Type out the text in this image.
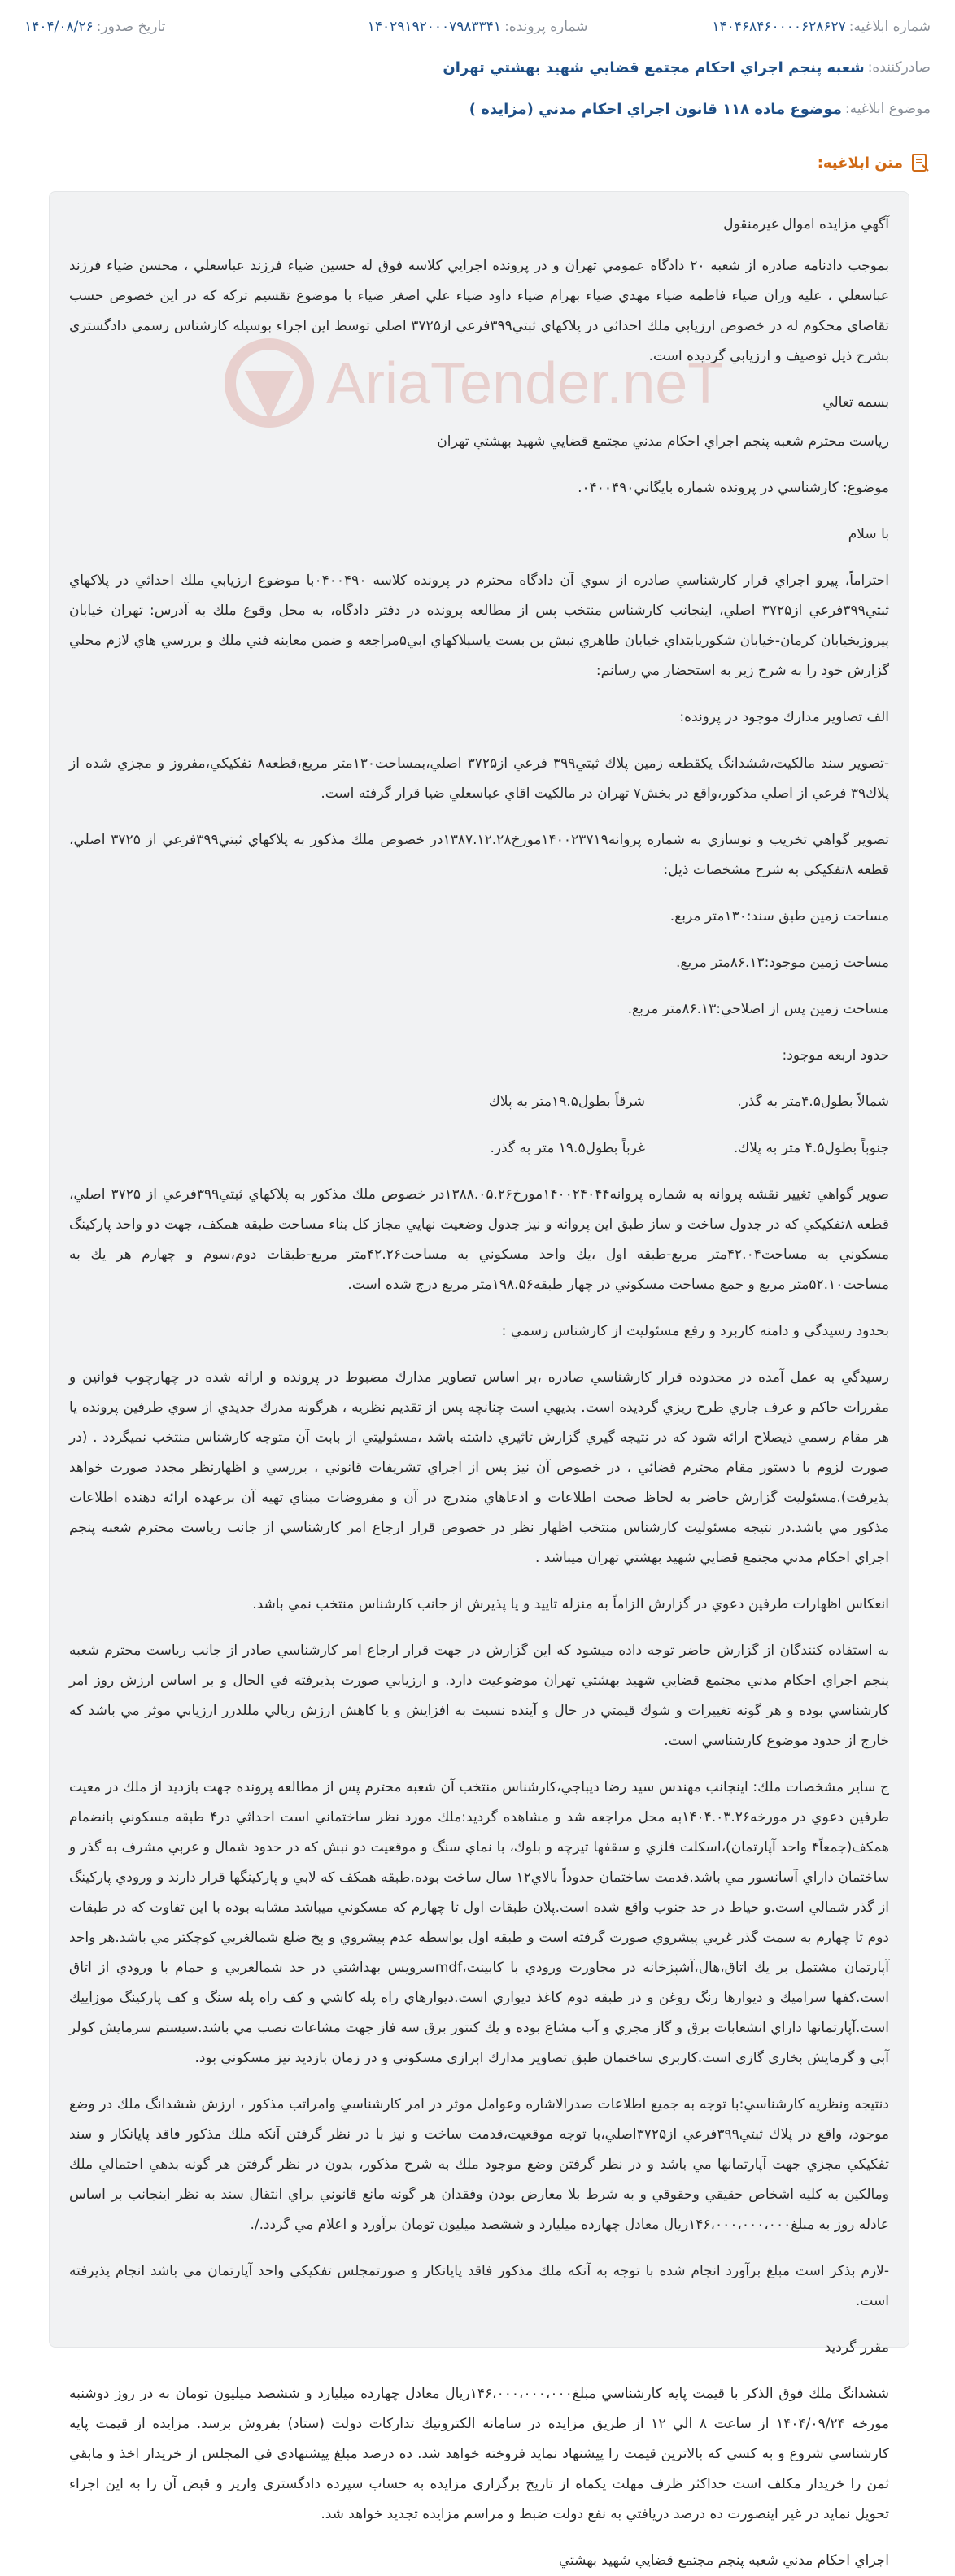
شماره ابلاغيه:
۱۴۰۴۶۸۴۶۰۰۰۰۶۲۸۶۲۷
شماره پرونده:
۱۴۰۲۹۱۹۲۰۰۰۷۹۸۳۳۴۱
تاريخ صدور:
۱۴۰۴/۰۸/۲۶
صادرکننده:
شعبه پنجم اجراي احكام مجتمع قضايي شهيد بهشتي تهران
موضوع ابلاغيه:
موضوع ماده ۱۱۸ قانون اجراي احكام مدني (مزايده )
متن ابلاغيه:
AriaTender.neT

آگهي مزايده اموال غيرمنقول

بموجب دادنامه صادره از شعبه ۲۰ دادگاه عمومي تهران و در پرونده اجرايي كلاسه فوق له حسين ضياء فرزند عباسعلي ، محسن ضياء فرزند عباسعلي ، عليه وران ضياء فاطمه ضياء مهدي ضياء بهرام ضياء داود ضياء علي اصغر ضياء با موضوع تقسيم تركه كه در اين خصوص حسب تقاضاي محكوم له در خصوص ارزيابي ملك احداثي در پلاكهاي ثبتي۳۹۹فرعي از۳۷۲۵ اصلي توسط اين اجراء بوسيله كارشناس رسمي دادگستري بشرح ذيل توصيف و ارزيابي گرديده است.

بسمه تعالي

رياست محترم شعبه پنجم اجراي احكام مدني مجتمع قضايي شهيد بهشتي تهران

موضوع: كارشناسي در پرونده شماره بايگاني۰۴۰۰۴۹۰.

با سلام

احتراماً، پيرو اجراي قرار كارشناسي صادره از سوي آن دادگاه محترم در پرونده كلاسه ۰۴۰۰۴۹۰با موضوع ارزيابي ملك احداثي در پلاكهاي ثبتي۳۹۹فرعي از۳۷۲۵ اصلي، اينجانب كارشناس منتخب پس از مطالعه پرونده در دفتر دادگاه، به محل وقوع ملك به آدرس: تهران خيابان پيروزيخيابان كرمان-خيابان شكوريابتداي خيابان طاهري نبش بن بست ياسپلاكهاي ابي۵مراجعه و ضمن معاينه فني ملك و بررسي هاي لازم محلي گزارش خود را به شرح زير به استحضار مي رسانم:

الف تصاوير مدارك موجود در پرونده:

-تصوير سند مالكيت،ششدانگ يكقطعه زمين پلاك ثبتي۳۹۹ فرعي از۳۷۲۵ اصلي،بمساحت۱۳۰متر مربع،قطعه۸ تفكيكي،مفروز و مجزي شده از پلاك۳۹ فرعي از اصلي مذكور،واقع در بخش۷ تهران در مالكيت اقاي عباسعلي ضيا قرار گرفته است.

تصوير گواهي تخريب و نوسازي به شماره پروانه۱۴۰۰۲۳۷۱۹مورخ۱۳۸۷.۱۲.۲۸در خصوص ملك مذكور به پلاكهاي ثبتي۳۹۹فرعي از ۳۷۲۵ اصلي، قطعه ۸تفكيكي به شرح مشخصات ذيل:

مساحت زمين طبق سند:۱۳۰متر مربع.

مساحت زمين موجود:۸۶.۱۳متر مربع.

مساحت زمين پس از اصلاحي:۸۶.۱۳متر مربع.

حدود اربعه موجود:

شمالاً بطول۴.۵متر به گذر.
شرقاً بطول۱۹.۵متر به پلاك

جنوباً بطول۴.۵ متر به پلاك.
غرباً بطول۱۹.۵ متر به گذر.

صوير گواهي تغيير نقشه پروانه به شماره پروانه۱۴۰۰۲۴۰۴۴مورخ۱۳۸۸.۰۵.۲۶در خصوص ملك مذكور به پلاكهاي ثبتي۳۹۹فرعي از ۳۷۲۵ اصلي، قطعه ۸تفكيكي كه در جدول ساخت و ساز طبق اين پروانه و نيز جدول وضعيت نهايي مجاز كل بناء مساحت طبقه همكف، جهت دو واحد پاركينگ مسكوني به مساحت۴۲.۰۴متر مربع-طبقه اول ،يك واحد مسكوني به مساحت۴۲.۲۶متر مربع-طبقات دوم،سوم و چهارم هر يك به مساحت۵۲.۱۰متر مربع و جمع مساحت مسكوني در چهار طبقه۱۹۸.۵۶متر مربع درج شده است.

بحدود رسيدگي و دامنه كاربرد و رفع مسئوليت از كارشناس رسمي :

رسيدگي به عمل آمده در محدوده قرار كارشناسي صادره ،بر اساس تصاوير مدارك مضبوط در پرونده و ارائه شده در چهارچوب قوانين و مقررات حاكم و عرف جاري طرح ريزي گرديده است. بديهي است چنانچه پس از تقديم نظريه ، هرگونه مدرك جديدي از سوي طرفين پرونده يا هر مقام رسمي ذيصلاح ارائه شود كه در نتيجه گيري گزارش تاثيري داشته باشد ،مسئوليتي از بابت آن متوجه كارشناس منتخب نميگردد . (در صورت لزوم با دستور مقام محترم قضائي ، در خصوص آن نيز پس از اجراي تشريفات قانوني ، بررسي و اظهارنظر مجدد صورت خواهد پذيرفت).مسئوليت گزارش حاضر به لحاظ صحت اطلاعات و ادعاهاي مندرج در آن و مفروضات مبناي تهيه آن برعهده ارائه دهنده اطلاعات مذكور مي باشد.در نتيجه مسئوليت كارشناس منتخب اظهار نظر در خصوص قرار ارجاع امر كارشناسي از جانب رياست محترم شعبه پنجم اجراي احكام مدني مجتمع قضايي شهيد بهشتي تهران ميباشد .

انعكاس اظهارات طرفين دعوي در گزارش الزاماً به منزله تاييد و يا پذيرش از جانب كارشناس منتخب نمي باشد.

به استفاده كنندگان از گزارش حاضر توجه داده ميشود كه اين گزارش در جهت قرار ارجاع امر كارشناسي صادر از جانب رياست محترم شعبه پنجم اجراي احكام مدني مجتمع قضايي شهيد بهشتي تهران موضوعيت دارد. و ارزيابي صورت پذيرفته في الحال و بر اساس ارزش روز امر كارشناسي بوده و هر گونه تغييرات و شوك قيمتي در حال و آينده نسبت به افزايش و يا كاهش ارزش ريالي مللدرر ارزيابي موثر مي باشد كه خارج از حدود موضوع كارشناسي است.

ج ساير مشخصات ملك: اينجانب مهندس سيد رضا ديباجي،كارشناس منتخب آن شعبه محترم پس از مطالعه پرونده جهت بازديد از ملك در معيت طرفين دعوي در مورخه۱۴۰۴.۰۳.۲۶به محل مراجعه شد و مشاهده گرديد:ملك مورد نظر ساختماني است احداثي در۴ طبقه مسكوني بانضمام همكف(جمعاً۴ واحد آپارتمان)،اسكلت فلزي و سقفها تيرچه و بلوك، با نماي سنگ و موقعيت دو نبش كه در حدود شمال و غربي مشرف به گذر و ساختمان داراي آسانسور مي باشد.قدمت ساختمان حدوداً بالاي۱۲ سال ساخت بوده.طبقه همكف كه لابي و پاركينگها قرار دارند و ورودي پاركينگ از گذر شمالي است.و حياط در حد جنوب واقع شده است.پلان طبقات اول تا چهارم كه مسكوني ميباشد مشابه بوده با اين تفاوت كه در طبقات دوم تا چهارم به سمت گذر غربي پيشروي صورت گرفته است و طبقه اول بواسطه عدم پيشروي و پخ ضلع شمالغربي كوچكتر مي باشد.هر واحد آپارتمان مشتمل بر يك اتاق،هال،آشپزخانه در مجاورت ورودي با كابينت،mdfسرويس بهداشتي در حد شمالغربي و حمام با ورودي از اتاق است.كفها سراميك و ديوارها رنگ روغن و در طبقه دوم كاغذ ديواري است.ديوارهاي راه پله كاشي و كف راه پله سنگ و كف پاركينگ موزاييك است.آپارتمانها داراي انشعابات برق و گاز مجزي و آب مشاع بوده و يك كنتور برق سه فاز جهت مشاعات نصب مي باشد.سيستم سرمايش كولر آبي و گرمايش بخاري گازي است.كاربري ساختمان طبق تصاوير مدارك ابرازي مسكوني و در زمان بازديد نيز مسكوني بود.

دنتيجه ونظريه كارشناسي:با توجه به جميع اطلاعات صدرالاشاره وعوامل موثر در امر كارشناسي وامراتب مذكور ، ارزش ششدانگ ملك در وضع موجود، واقع در پلاك ثبتي۳۹۹فرعي از۳۷۲۵اصلي،با توجه موقعيت،قدمت ساخت و نيز با در نظر گرفتن آنكه ملك مذكور فاقد پايانكار و سند تفكيكي مجزي جهت آپارتمانها مي باشد و در نظر گرفتن وضع موجود ملك به شرح مذكور، بدون در نظر گرفتن هر گونه بدهي احتمالي ملك ومالكين به كليه اشخاص حقيقي وحقوقي و به شرط بلا معارض بودن وفقدان هر گونه مانع قانوني براي انتقال سند به نظر اينجانب بر اساس عادله روز به مبلغ۱۴۶،۰۰۰،۰۰۰،۰۰۰ريال معادل چهارده ميليارد و ششصد ميليون تومان برآورد و اعلام مي گردد./.

-لازم بذكر است مبلغ برآورد انجام شده با توجه به آنكه ملك مذكور فاقد پايانكار و صورتمجلس تفكيكي واحد آپارتمان مي باشد انجام پذيرفته است.

مقرر گرديد

ششدانگ ملك فوق الذكر با قيمت پايه كارشناسي مبلغ۱۴۶،۰۰۰،۰۰۰،۰۰۰ريال معادل چهارده ميليارد و ششصد ميليون تومان به در روز دوشنبه مورخه ۱۴۰۴/۰۹/۲۴ از ساعت ۸ الي ۱۲ از طريق مزايده در سامانه الكترونيك تداركات دولت (ستاد) بفروش برسد. مزايده از قيمت پايه كارشناسي شروع و به كسي كه بالاترين قيمت را پيشنهاد نمايد فروخته خواهد شد. ده درصد مبلغ پيشنهادي في المجلس از خريدار اخذ و مابقي ثمن را خريدار مكلف است حداكثر ظرف مهلت يكماه از تاريخ برگزاري مزايده به حساب سپرده دادگستري واريز و قبض آن را به اين اجراء تحويل نمايد در غير اينصورت ده درصد دريافتي به نفع دولت ضبط و مراسم مزايده تجديد خواهد شد.

اجراي احكام مدني شعبه پنجم مجتمع قضايي شهيد بهشتي
